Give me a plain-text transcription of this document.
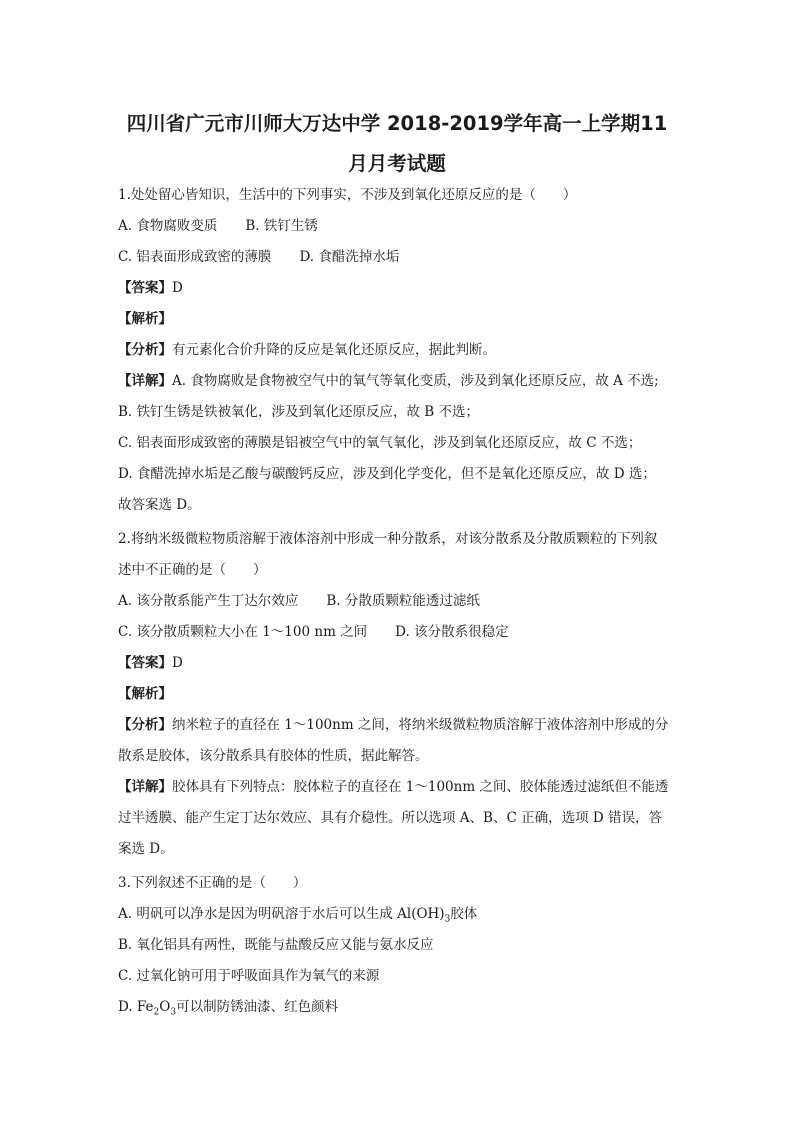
四川省广元市川师大万达中学 2018-2019学年高一上学期11
月月考试题
1.处处留心皆知识，生活中的下列事实，不涉及到氧化还原反应的是（　　）
A. 食物腐败变质 B. 铁钉生锈
C. 铝表面形成致密的薄膜 D. 食醋洗掉水垢
【答案】D
【解析】
【分析】有元素化合价升降的反应是氧化还原反应，据此判断。
【详解】A. 食物腐败是食物被空气中的氧气等氧化变质，涉及到氧化还原反应，故 A 不选;
B. 铁钉生锈是铁被氧化，涉及到氧化还原反应，故 B 不选；
C. 铝表面形成致密的薄膜是铝被空气中的氧气氧化，涉及到氧化还原反应，故 C 不选；
D. 食醋洗掉水垢是乙酸与碳酸钙反应，涉及到化学变化，但不是氧化还原反应，故 D 选；
故答案选 D。
2.将纳米级微粒物质溶解于液体溶剂中形成一种分散系，对该分散系及分散质颗粒的下列叙
述中不正确的是（　　）
A. 该分散系能产生丁达尔效应 B. 分散质颗粒能透过滤纸
C. 该分散质颗粒大小在 1～100 nm 之间 D. 该分散系很稳定
【答案】D
【解析】
【分析】纳米粒子的直径在 1～100nm 之间，将纳米级微粒物质溶解于液体溶剂中形成的分
散系是胶体，该分散系具有胶体的性质，据此解答。
【详解】胶体具有下列特点：胶体粒子的直径在 1～100nm 之间、胶体能透过滤纸但不能透
过半透膜、能产生定丁达尔效应、具有介稳性。所以选项 A、B、C 正确，选项 D 错误，答
案选 D。
3.下列叙述不正确的是（　　）
A. 明矾可以净水是因为明矾溶于水后可以生成 $Al(OH)_3$胶体
B. 氧化铝具有两性，既能与盐酸反应又能与氨水反应
C. 过氧化钠可用于呼吸面具作为氧气的来源
D. $Fe_2O_3$可以制防锈油漆、红色颜料
